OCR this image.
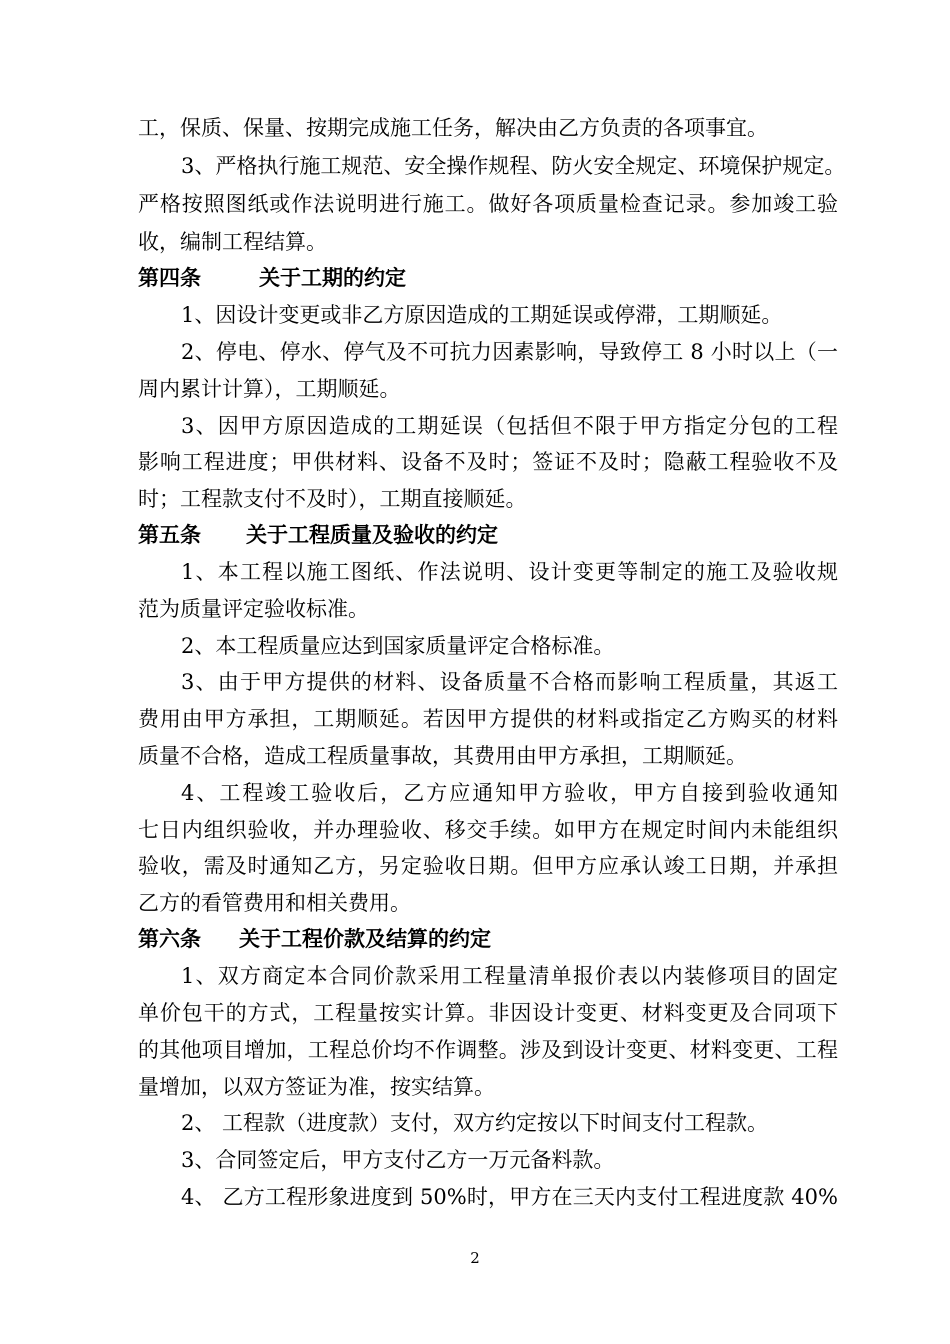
工，保质、保量、按期完成施工任务，解决由乙方负责的各项事宜。
3、严格执行施工规范、安全操作规程、防火安全规定、环境保护规定。
严格按照图纸或作法说明进行施工。做好各项质量检查记录。参加竣工验
收，编制工程结算。
第四条	关于工期的约定
1、因设计变更或非乙方原因造成的工期延误或停滞，工期顺延。
2、停电、停水、停气及不可抗力因素影响，导致停工 8 小时以上（一
周内累计计算），工期顺延。
3、因甲方原因造成的工期延误（包括但不限于甲方指定分包的工程
影响工程进度；甲供材料、设备不及时；签证不及时；隐蔽工程验收不及
时；工程款支付不及时），工期直接顺延。
第五条 关于工程质量及验收的约定
1、本工程以施工图纸、作法说明、设计变更等制定的施工及验收规
范为质量评定验收标准。
2、本工程质量应达到国家质量评定合格标准。
3、由于甲方提供的材料、设备质量不合格而影响工程质量，其返工
费用由甲方承担，工期顺延。若因甲方提供的材料或指定乙方购买的材料
质量不合格，造成工程质量事故，其费用由甲方承担，工期顺延。
4、工程竣工验收后，乙方应通知甲方验收，甲方自接到验收通知
七日内组织验收，并办理验收、移交手续。如甲方在规定时间内未能组织
验收，需及时通知乙方，另定验收日期。但甲方应承认竣工日期，并承担
乙方的看管费用和相关费用。
第六条 关于工程价款及结算的约定
1、双方商定本合同价款采用工程量清单报价表以内装修项目的固定
单价包干的方式，工程量按实计算。非因设计变更、材料变更及合同项下
的其他项目增加，工程总价均不作调整。涉及到设计变更、材料变更、工程
量增加，以双方签证为准，按实结算。
2、 工程款（进度款）支付，双方约定按以下时间支付工程款。
3、合同签定后，甲方支付乙方一万元备料款。
4、 乙方工程形象进度到 50%时，甲方在三天内支付工程进度款 40%
2
